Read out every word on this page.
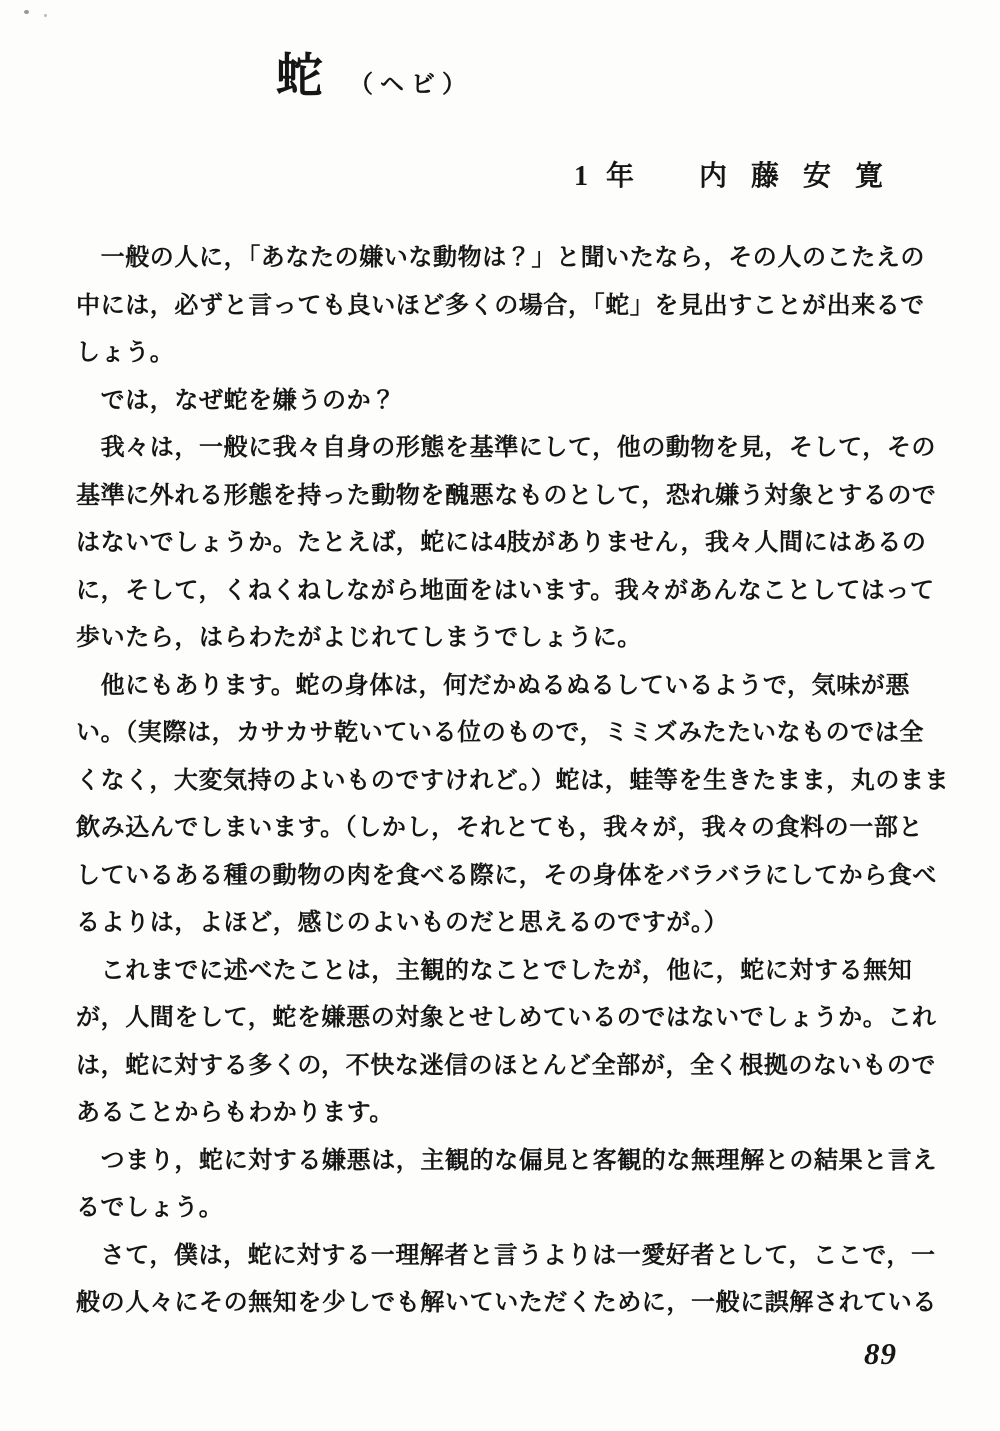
蛇 （ヘビ）
1年 内藤安寛
　一般の人に，「あなたの嫌いな動物は？」と聞いたなら，その人のこたえの
中には，必ずと言っても良いほど多くの場合，「蛇」を見出すことが出来るで
しょう。
　では，なぜ蛇を嫌うのか？
　我々は，一般に我々自身の形態を基準にして，他の動物を見，そして，その
基準に外れる形態を持った動物を醜悪なものとして，恐れ嫌う対象とするので
はないでしょうか。たとえば，蛇には4肢がありません，我々人間にはあるの
に，そして，くねくねしながら地面をはいます。我々があんなことしてはって
歩いたら，はらわたがよじれてしまうでしょうに。
　他にもあります。蛇の身体は，何だかぬるぬるしているようで，気味が悪
い。（実際は，カサカサ乾いている位のもので，ミミズみたたいなものでは全
くなく，大変気持のよいものですけれど。）蛇は，蛙等を生きたまま，丸のまま
飲み込んでしまいます。（しかし，それとても，我々が，我々の食料の一部と
しているある種の動物の肉を食べる際に，その身体をバラバラにしてから食べ
るよりは，よほど，感じのよいものだと思えるのですが。）
　これまでに述べたことは，主観的なことでしたが，他に，蛇に対する無知
が，人間をして，蛇を嫌悪の対象とせしめているのではないでしょうか。これ
は，蛇に対する多くの，不快な迷信のほとんど全部が，全く根拠のないもので
あることからもわかります。
　つまり，蛇に対する嫌悪は，主観的な偏見と客観的な無理解との結果と言え
るでしょう。
　さて，僕は，蛇に対する一理解者と言うよりは一愛好者として，ここで，一
般の人々にその無知を少しでも解いていただくために，一般に誤解されている
89
